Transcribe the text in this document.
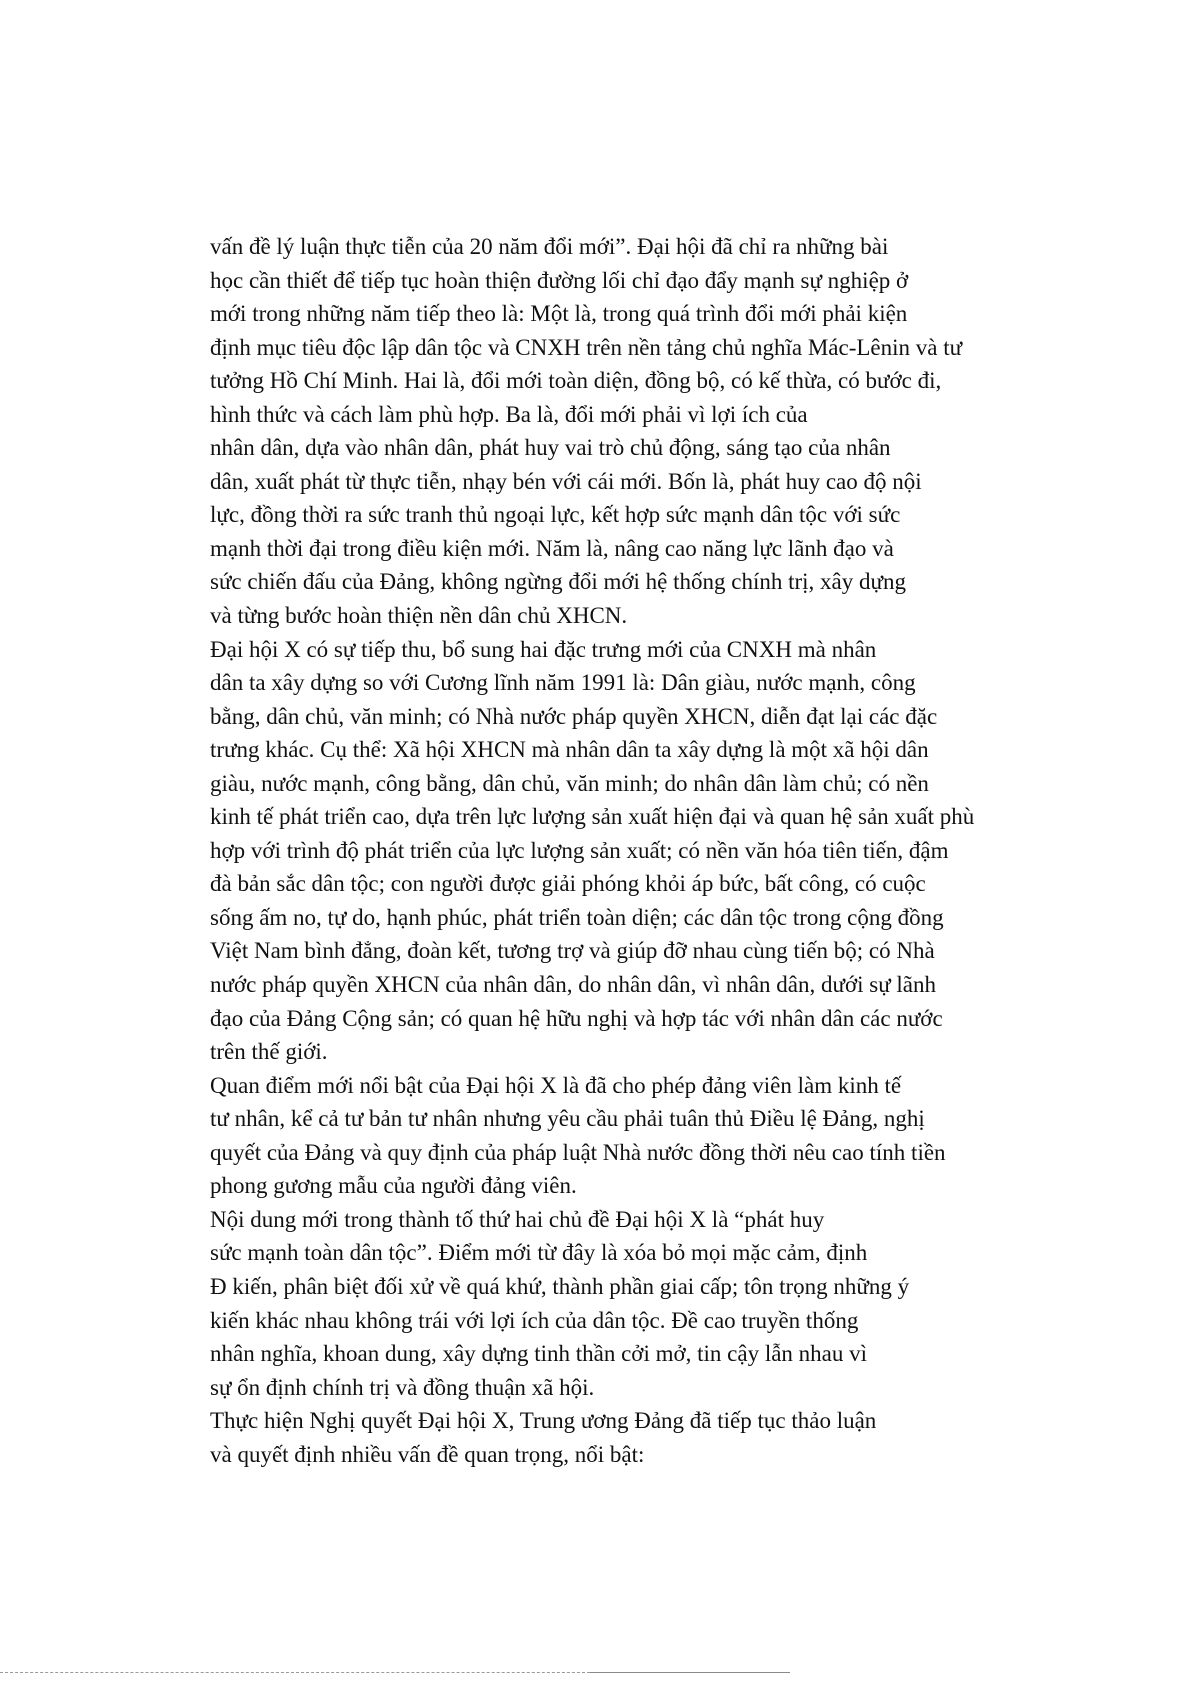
vấn đề lý luận thực tiễn của 20 năm đổi mới”. Đại hội đã chỉ ra những bài
học cần thiết để tiếp tục hoàn thiện đường lối chỉ đạo đẩy mạnh sự nghiệp ở
mới trong những năm tiếp theo là: Một là, trong quá trình đổi mới phải kiện
định mục tiêu độc lập dân tộc và CNXH trên nền tảng chủ nghĩa Mác-Lênin và tư
tưởng Hồ Chí Minh. Hai là, đổi mới toàn diện, đồng bộ, có kế thừa, có bước đi,
hình thức và cách làm phù hợp. Ba là, đổi mới phải vì lợi ích của
nhân dân, dựa vào nhân dân, phát huy vai trò chủ động, sáng tạo của nhân
dân, xuất phát từ thực tiễn, nhạy bén với cái mới. Bốn là, phát huy cao độ nội
lực, đồng thời ra sức tranh thủ ngoại lực, kết hợp sức mạnh dân tộc với sức
mạnh thời đại trong điều kiện mới. Năm là, nâng cao năng lực lãnh đạo và
sức chiến đấu của Đảng, không ngừng đổi mới hệ thống chính trị, xây dựng
và từng bước hoàn thiện nền dân chủ XHCN.
Đại hội X có sự tiếp thu, bổ sung hai đặc trưng mới của CNXH mà nhân
dân ta xây dựng so với Cương lĩnh năm 1991 là: Dân giàu, nước mạnh, công
bằng, dân chủ, văn minh; có Nhà nước pháp quyền XHCN, diễn đạt lại các đặc
trưng khác. Cụ thể: Xã hội XHCN mà nhân dân ta xây dựng là một xã hội dân
giàu, nước mạnh, công bằng, dân chủ, văn minh; do nhân dân làm chủ; có nền
kinh tế phát triển cao, dựa trên lực lượng sản xuất hiện đại và quan hệ sản xuất phù
hợp với trình độ phát triển của lực lượng sản xuất; có nền văn hóa tiên tiến, đậm
đà bản sắc dân tộc; con người được giải phóng khỏi áp bức, bất công, có cuộc
sống ấm no, tự do, hạnh phúc, phát triển toàn diện; các dân tộc trong cộng đồng
Việt Nam bình đẳng, đoàn kết, tương trợ và giúp đỡ nhau cùng tiến bộ; có Nhà
nước pháp quyền XHCN của nhân dân, do nhân dân, vì nhân dân, dưới sự lãnh
đạo của Đảng Cộng sản; có quan hệ hữu nghị và hợp tác với nhân dân các nước
trên thế giới.
Quan điểm mới nổi bật của Đại hội X là đã cho phép đảng viên làm kinh tế
tư nhân, kể cả tư bản tư nhân nhưng yêu cầu phải tuân thủ Điều lệ Đảng, nghị
quyết của Đảng và quy định của pháp luật Nhà nước đồng thời nêu cao tính tiền
phong gương mẫu của người đảng viên.
Nội dung mới trong thành tố thứ hai chủ đề Đại hội X là “phát huy
sức mạnh toàn dân tộc”. Điểm mới từ đây là xóa bỏ mọi mặc cảm, định
Đ kiến, phân biệt đối xử về quá khứ, thành phần giai cấp; tôn trọng những ý
kiến khác nhau không trái với lợi ích của dân tộc. Đề cao truyền thống
nhân nghĩa, khoan dung, xây dựng tinh thần cởi mở, tin cậy lẫn nhau vì
sự ổn định chính trị và đồng thuận xã hội.
Thực hiện Nghị quyết Đại hội X, Trung ương Đảng đã tiếp tục thảo luận
và quyết định nhiều vấn đề quan trọng, nổi bật:
